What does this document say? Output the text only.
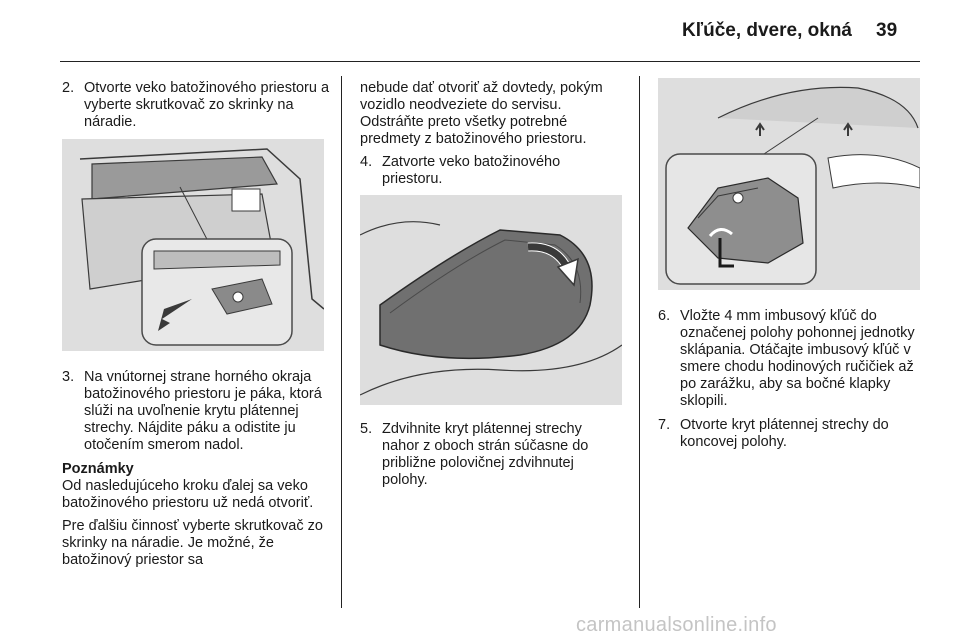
Kľúče, dvere, okná 39
2. Otvorte veko batožinového priestoru a vyberte skrutkovač zo skrinky na náradie.
3. Na vnútornej strane horného okraja batožinového priestoru je páka, ktorá slúži na uvoľnenie krytu plátennej strechy. Nájdite páku a odistite ju otočením smerom nadol.

Poznámky

Od nasledujúceho kroku ďalej sa veko batožinového priestoru už nedá otvoriť.

Pre ďalšiu činnosť vyberte skrutkovač zo skrinky na náradie. Je možné, že batožinový priestor sa

nebude dať otvoriť až dovtedy, pokým vozidlo neodveziete do servisu. Odstráňte preto všetky potrebné predmety z batožinového priestoru.

4. Zatvorte veko batožinového priestoru.
5. Zdvihnite kryt plátennej strechy nahor z oboch strán súčasne do približne polovičnej zdvihnutej polohy.
6. Vložte 4 mm imbusový kľúč do označenej polohy pohonnej jednotky sklápania. Otáčajte imbusový kľúč v smere chodu hodinových ručičiek až po zarážku, aby sa bočné klapky sklopili.
7. Otvorte kryt plátennej strechy do koncovej polohy.
carmanualsonline.info
